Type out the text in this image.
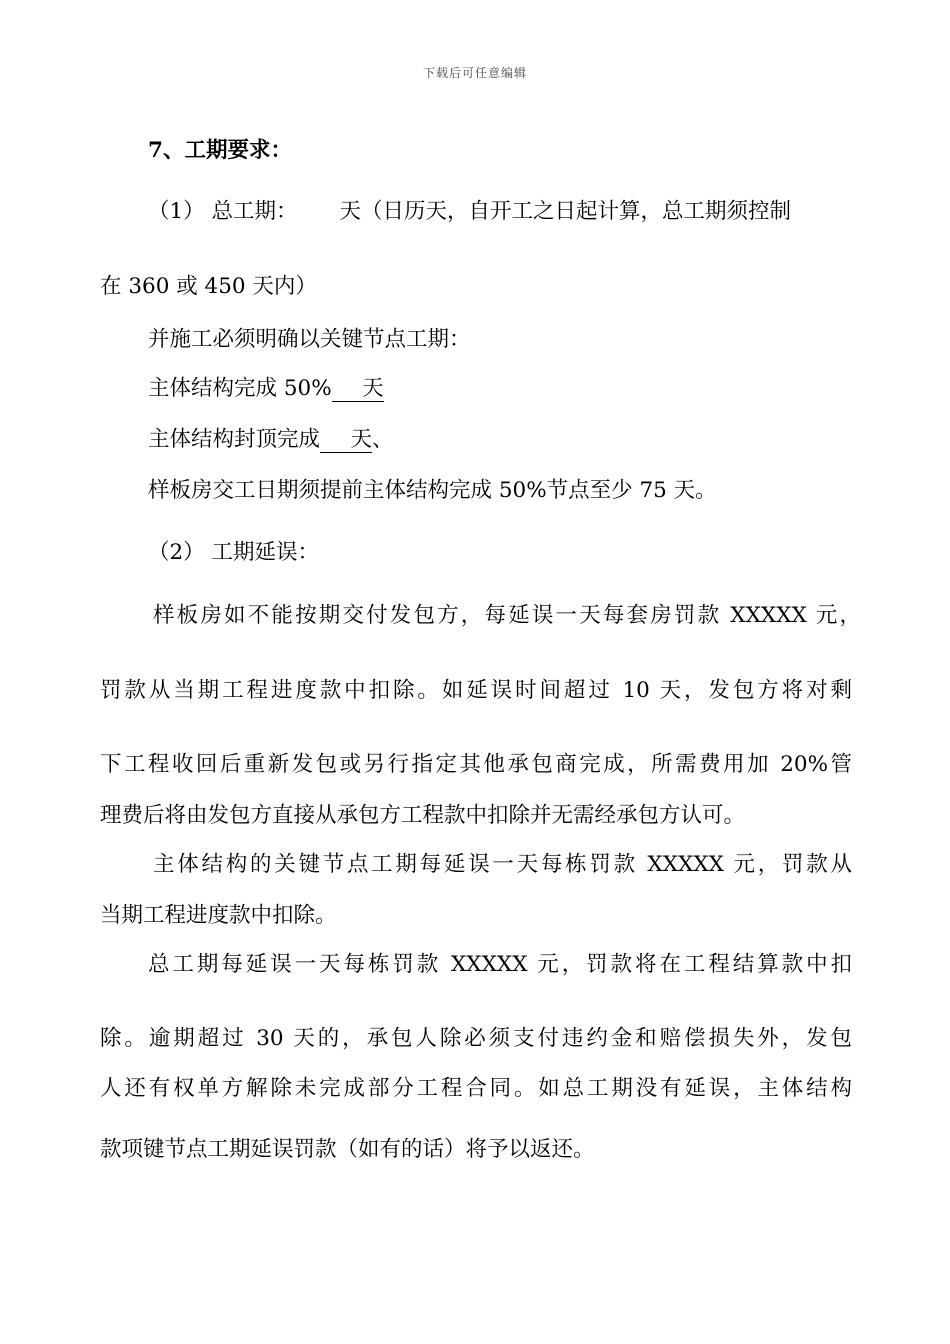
下载后可任意编辑
7、工期要求：
（1） 总工期： 天（日历天，自开工之日起计算，总工期须控制
在 360 或 450 天内）
并施工必须明确以关键节点工期：
主体结构完成 50% 天
主体结构封顶完成 天、
样板房交工日期须提前主体结构完成 50%节点至少 75 天。
（2） 工期延误：
样板房如不能按期交付发包方，每延误一天每套房罚款 XXXXX 元，
罚款从当期工程进度款中扣除。如延误时间超过 10 天，发包方将对剩
下工程收回后重新发包或另行指定其他承包商完成，所需费用加 20%管
理费后将由发包方直接从承包方工程款中扣除并无需经承包方认可。
主体结构的关键节点工期每延误一天每栋罚款 XXXXX 元，罚款从
当期工程进度款中扣除。
总工期每延误一天每栋罚款 XXXXX 元，罚款将在工程结算款中扣
除。逾期超过 30 天的，承包人除必须支付违约金和赔偿损失外，发包
人还有权单方解除未完成部分工程合同。如总工期没有延误，主体结构
款项键节点工期延误罚款（如有的话）将予以返还。
